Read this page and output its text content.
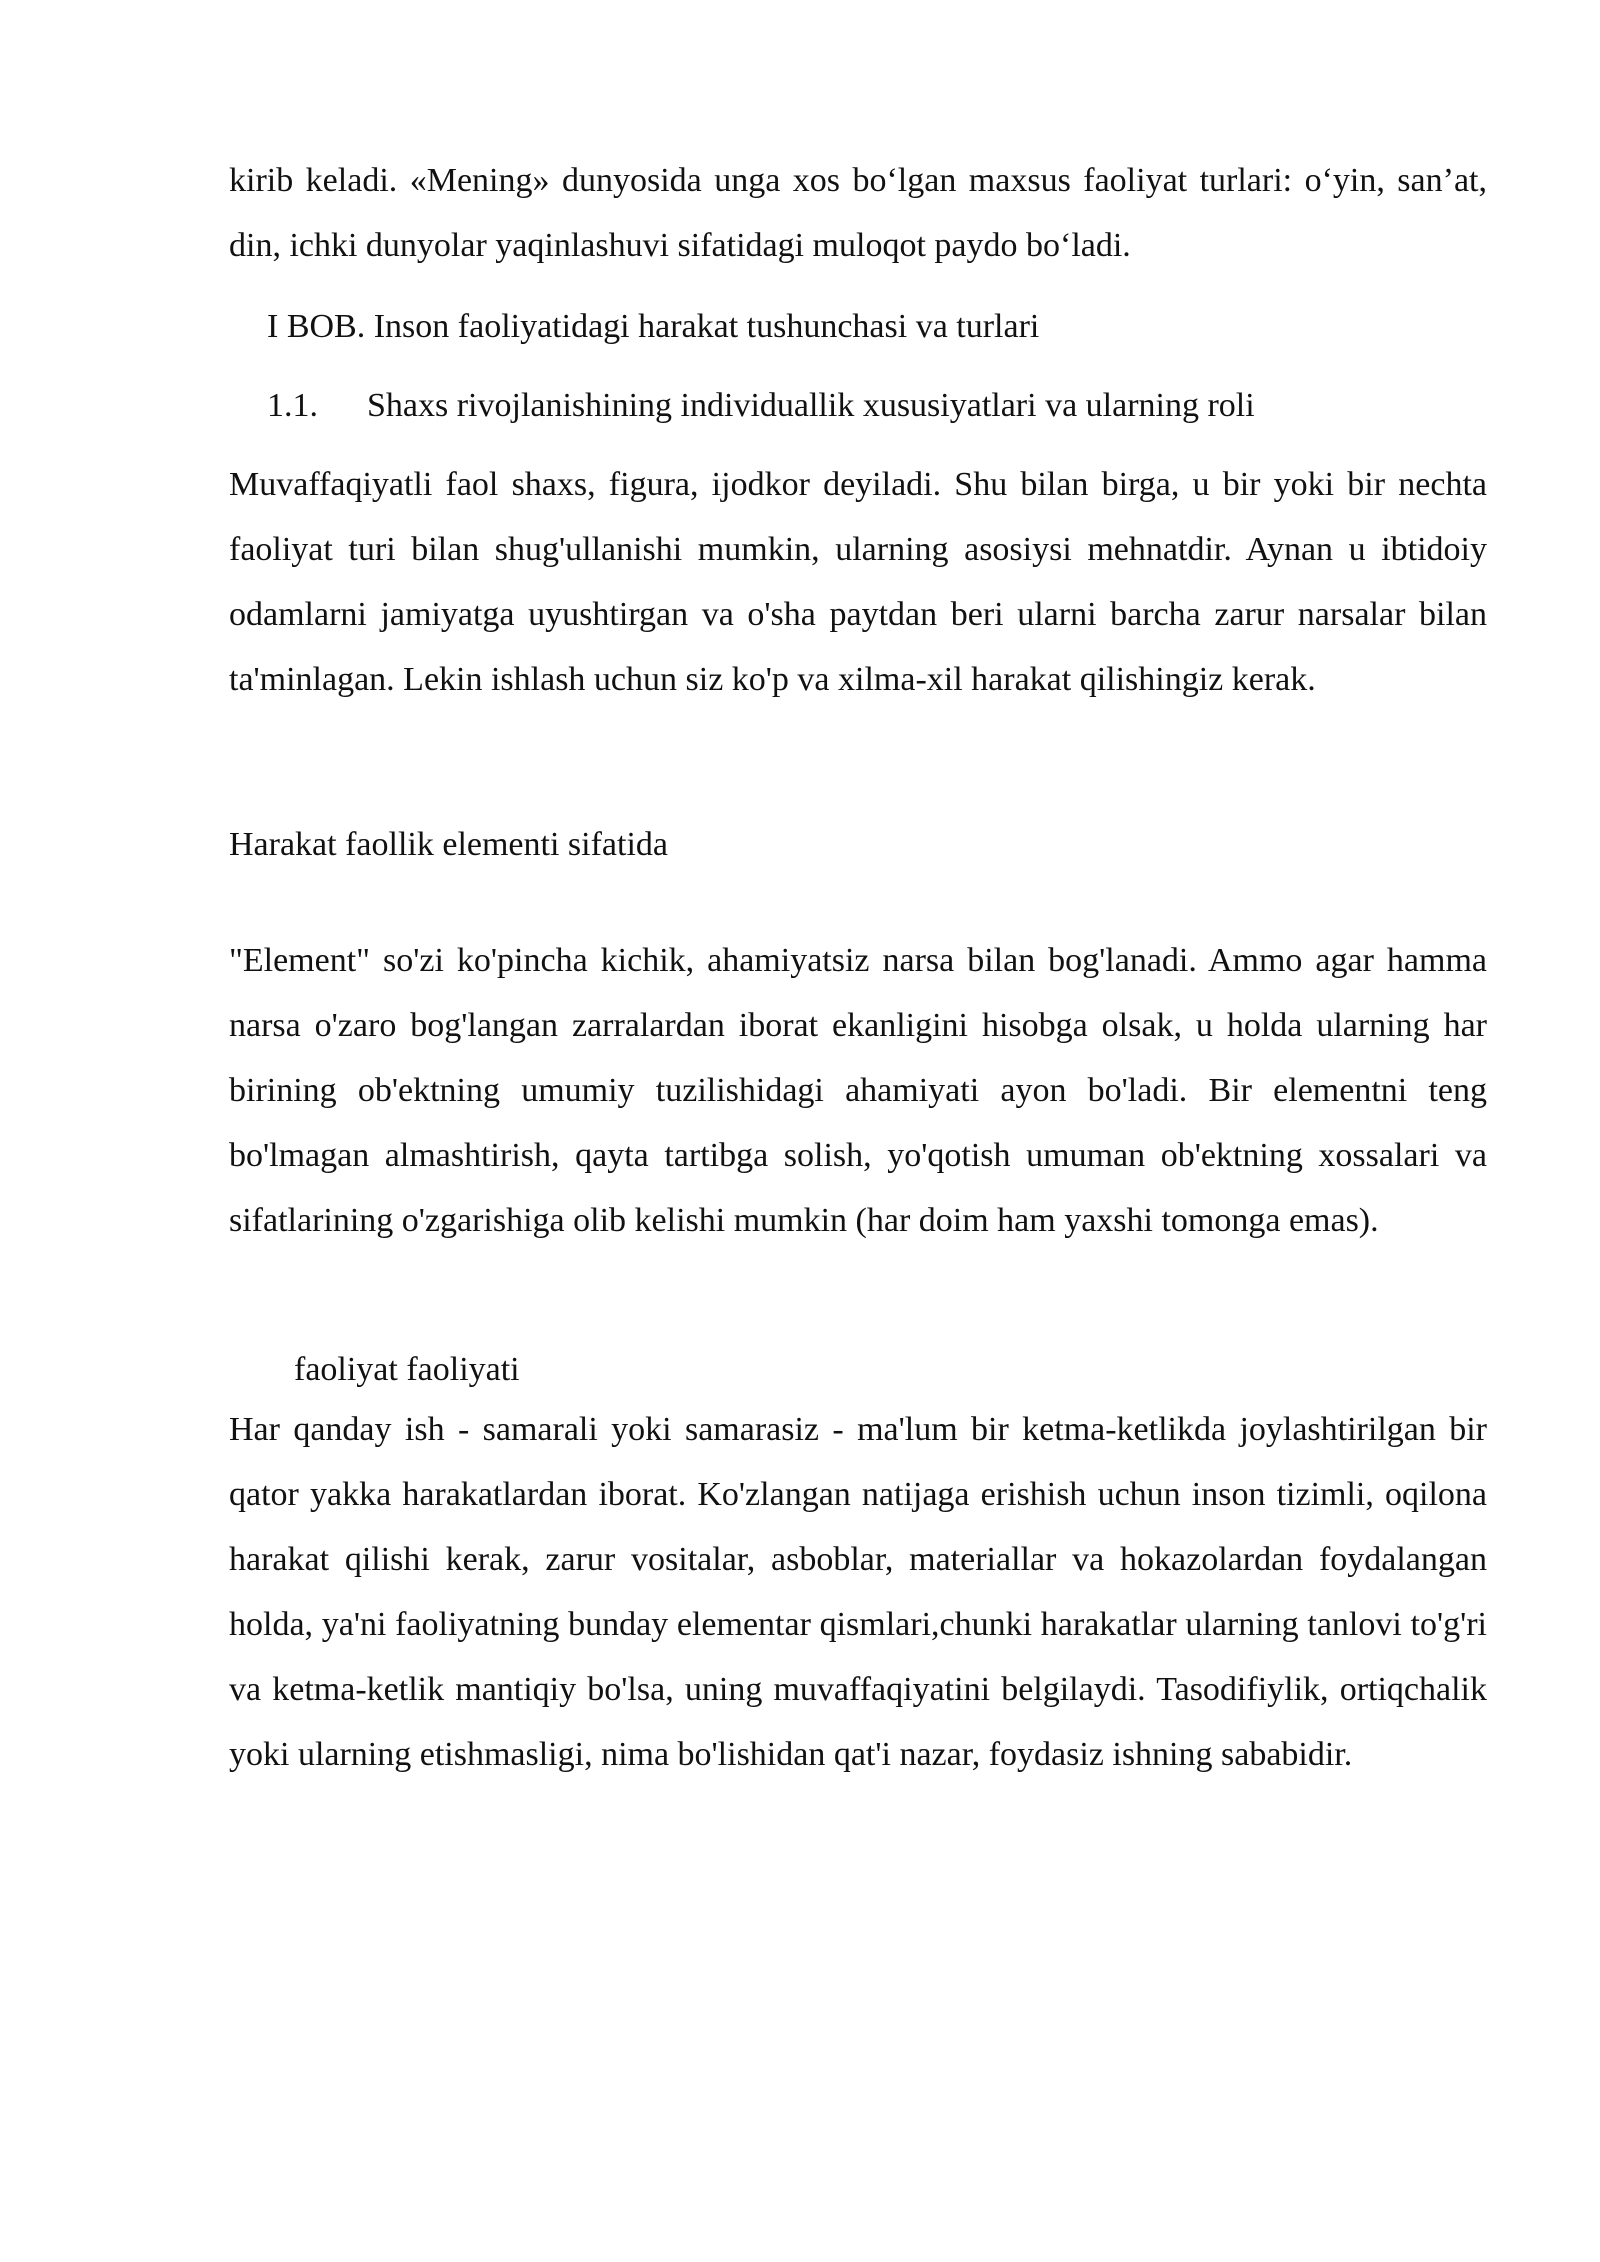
kirib keladi. «Mening» dunyosida unga xos bo‘lgan maxsus faoliyat turlari: o‘yin, san’at, din, ichki dunyolar yaqinlashuvi sifatidagi muloqot paydo bo‘ladi.

I BOB. Inson faoliyatidagi harakat tushunchasi va turlari

1.1.	Shaxs rivojlanishining individuallik xususiyatlari va ularning roli

Muvaffaqiyatli faol shaxs, figura, ijodkor deyiladi. Shu bilan birga, u bir yoki bir nechta faoliyat turi bilan shug'ullanishi mumkin, ularning asosiysi mehnatdir. Aynan u ibtidoiy odamlarni jamiyatga uyushtirgan va o'sha paytdan beri ularni barcha zarur narsalar bilan ta'minlagan. Lekin ishlash uchun siz ko'p va xilma-xil harakat qilishingiz kerak.

Harakat faollik elementi sifatida

"Element" so'zi ko'pincha kichik, ahamiyatsiz narsa bilan bog'lanadi. Ammo agar hamma narsa o'zaro bog'langan zarralardan iborat ekanligini hisobga olsak, u holda ularning har birining ob'ektning umumiy tuzilishidagi ahamiyati ayon bo'ladi. Bir elementni teng bo'lmagan almashtirish, qayta tartibga solish, yo'qotish umuman ob'ektning xossalari va sifatlarining o'zgarishiga olib kelishi mumkin (har doim ham yaxshi tomonga emas).

faoliyat faoliyati

Har qanday ish - samarali yoki samarasiz - ma'lum bir ketma-ketlikda joylashtirilgan bir qator yakka harakatlardan iborat. Ko'zlangan natijaga erishish uchun inson tizimli, oqilona harakat qilishi kerak, zarur vositalar, asboblar, materiallar va hokazolardan foydalangan holda, ya'ni faoliyatning bunday elementar qismlari,chunki harakatlar ularning tanlovi to'g'ri va ketma-ketlik mantiqiy bo'lsa, uning muvaffaqiyatini belgilaydi. Tasodifiylik, ortiqchalik yoki ularning etishmasligi, nima bo'lishidan qat'i nazar, foydasiz ishning sababidir.
